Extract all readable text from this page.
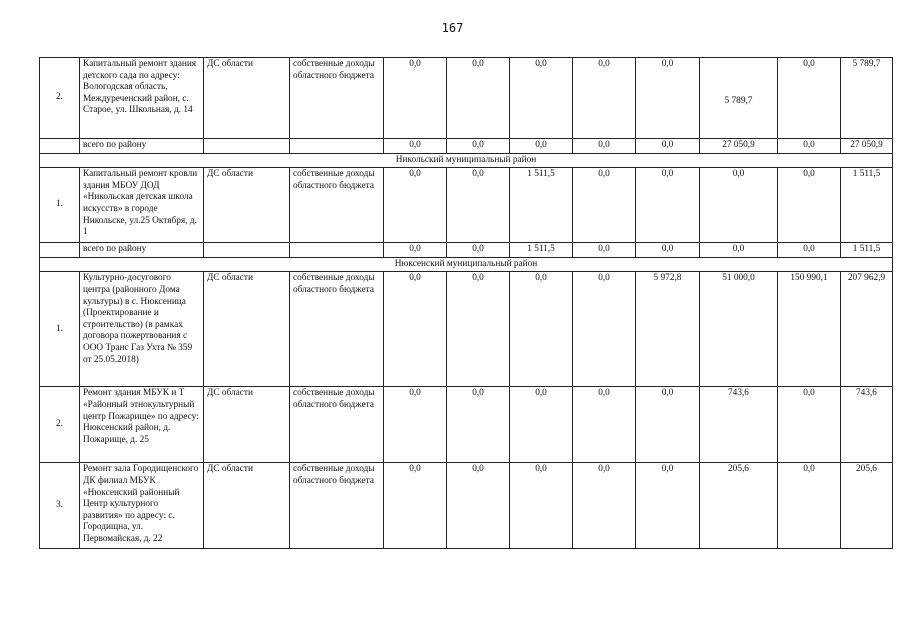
167
2.	Капитальный ремонт здания детского сада по адресу: Вологодская область, Междуреченский район, с. Старое, ул. Школьная, д. 14	ДС области	собственные доходы областного бюджета	0,0	0,0	0,0	0,0	0,0	5 789,7	0,0	5 789,7
	всего по району			0,0	0,0	0,0	0,0	0,0	27 050,9	0,0	27 050,9
Никольский муниципальный район											
1.	Капитальный ремонт кровли здания МБОУ ДОД «Никольская детская школа искусств» в городе Никольске, ул.25 Октября, д. 1	ДС области	собственные доходы областного бюджета	0,0	0,0	1 511,5	0,0	0,0	0,0	0,0	1 511,5
	всего по району			0,0	0,0	1 511,5	0,0	0,0	0,0	0,0	1 511,5
Нюксенский муниципальный район											
1.	Культурно-досугового центра (районного Дома культуры) в с. Нюксеница (Проектирование и строительство) (в рамках договора пожертвования с ООО Транс Газ Ухта № 359 от 25.05.2018)	ДС области	собственные доходы областного бюджета	0,0	0,0	0,0	0,0	5 972,8	51 000,0	150 990,1	207 962,9
2.	Ремонт здания МБУК и Т «Районный этнокультурный центр Пожарище» по адресу: Нюксенский район, д. Пожарище, д. 25	ДС области	собственные доходы областного бюджета	0,0	0,0	0,0	0,0	0,0	743,6	0,0	743,6
3.	Ремонт зала Городищенского ДК филиал МБУК «Нюксенский районный Центр культурного развития» по адресу: с. Городищна, ул. Первомайская, д. 22	ДС области	собственные доходы областного бюджета	0,0	0,0	0,0	0,0	0,0	205,6	0,0	205,6
